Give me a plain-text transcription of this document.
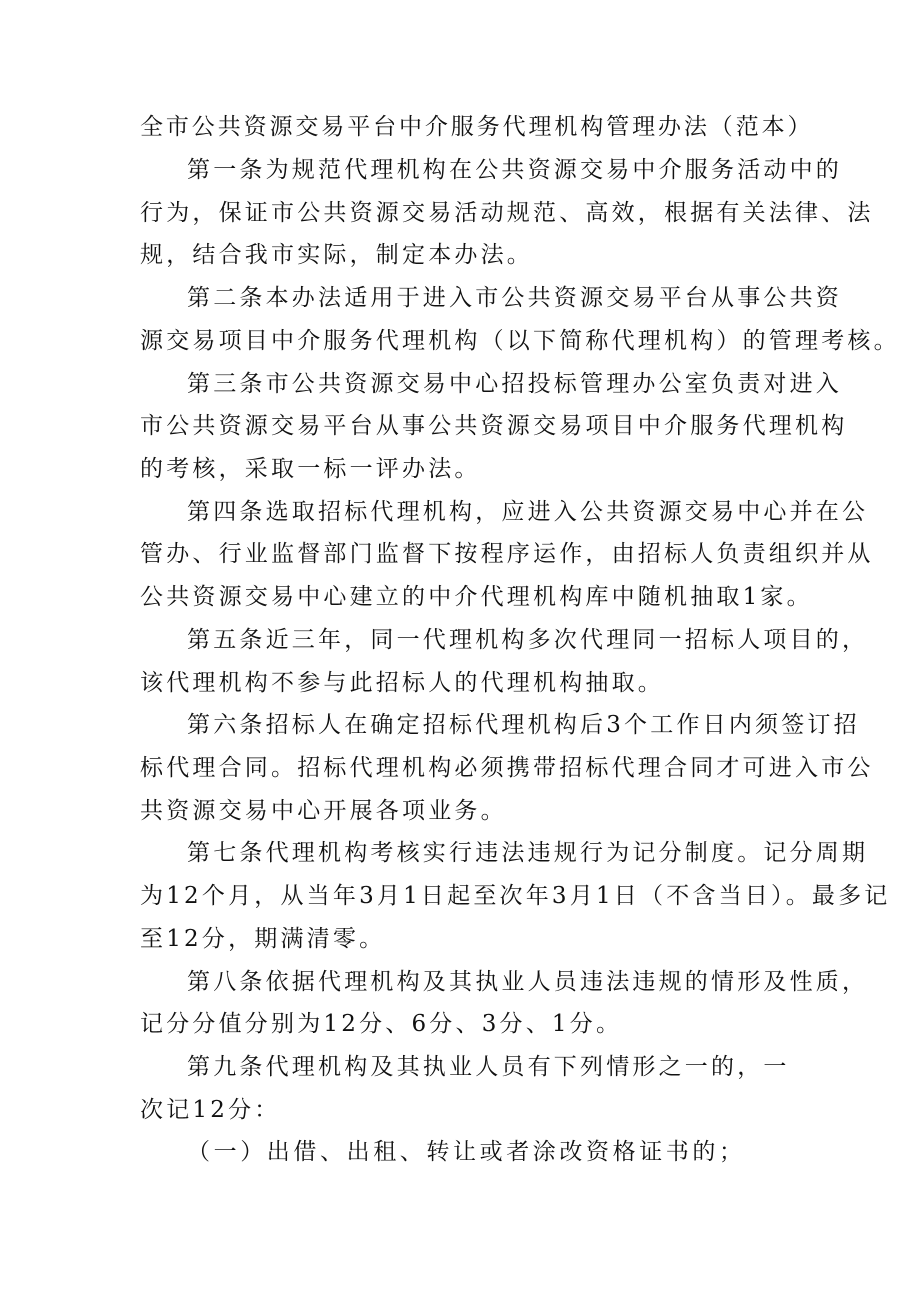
全市公共资源交易平台中介服务代理机构管理办法（范本）
第一条为规范代理机构在公共资源交易中介服务活动中的
行为，保证市公共资源交易活动规范、高效，根据有关法律、法
规，结合我市实际，制定本办法。
第二条本办法适用于进入市公共资源交易平台从事公共资
源交易项目中介服务代理机构（以下简称代理机构）的管理考核。
第三条市公共资源交易中心招投标管理办公室负责对进入
市公共资源交易平台从事公共资源交易项目中介服务代理机构
的考核，采取一标一评办法。
第四条选取招标代理机构，应进入公共资源交易中心并在公
管办、行业监督部门监督下按程序运作，由招标人负责组织并从
公共资源交易中心建立的中介代理机构库中随机抽取1家。
第五条近三年，同一代理机构多次代理同一招标人项目的，
该代理机构不参与此招标人的代理机构抽取。
第六条招标人在确定招标代理机构后3个工作日内须签订招
标代理合同。招标代理机构必须携带招标代理合同才可进入市公
共资源交易中心开展各项业务。
第七条代理机构考核实行违法违规行为记分制度。记分周期
为12个月，从当年3月1日起至次年3月1日（不含当日）。最多记
至12分，期满清零。
第八条依据代理机构及其执业人员违法违规的情形及性质，
记分分值分别为12分、6分、3分、1分。
第九条代理机构及其执业人员有下列情形之一的，一
次记12分：
（一）出借、出租、转让或者涂改资格证书的；
